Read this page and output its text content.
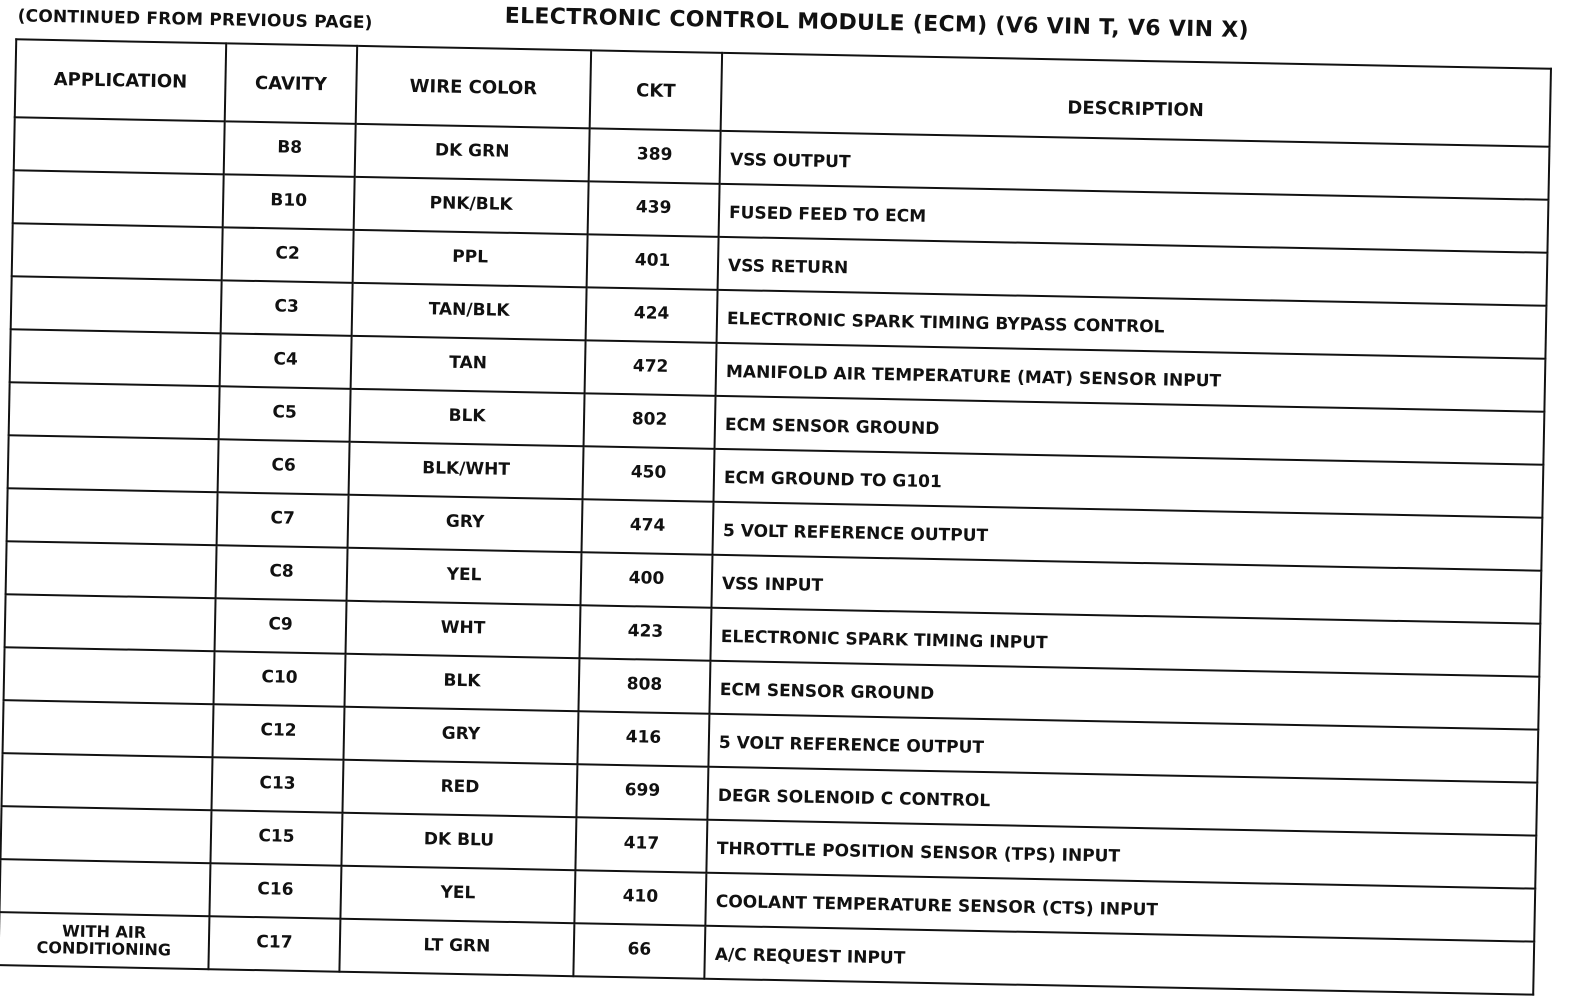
(CONTINUED FROM PREVIOUS PAGE)	ELECTRONIC CONTROL MODULE (ECM) (V6 VIN T, V6 VIN X)
APPLICATION	CAVITY	WIRE COLOR	CKT	DESCRIPTION
	B8	DK GRN	389	VSS OUTPUT
	B10	PNK/BLK	439	FUSED FEED TO ECM
	C2	PPL	401	VSS RETURN
	C3	TAN/BLK	424	ELECTRONIC SPARK TIMING BYPASS CONTROL
	C4	TAN	472	MANIFOLD AIR TEMPERATURE (MAT) SENSOR INPUT
	C5	BLK	802	ECM SENSOR GROUND
	C6	BLK/WHT	450	ECM GROUND TO G101
	C7	GRY	474	5 VOLT REFERENCE OUTPUT
	C8	YEL	400	VSS INPUT
	C9	WHT	423	ELECTRONIC SPARK TIMING INPUT
	C10	BLK	808	ECM SENSOR GROUND
	C12	GRY	416	5 VOLT REFERENCE OUTPUT
	C13	RED	699	DEGR SOLENOID C CONTROL
	C15	DK BLU	417	THROTTLE POSITION SENSOR (TPS) INPUT
	C16	YEL	410	COOLANT TEMPERATURE SENSOR (CTS) INPUT
WITH AIR CONDITIONING	C17	LT GRN	66	A/C REQUEST INPUT
